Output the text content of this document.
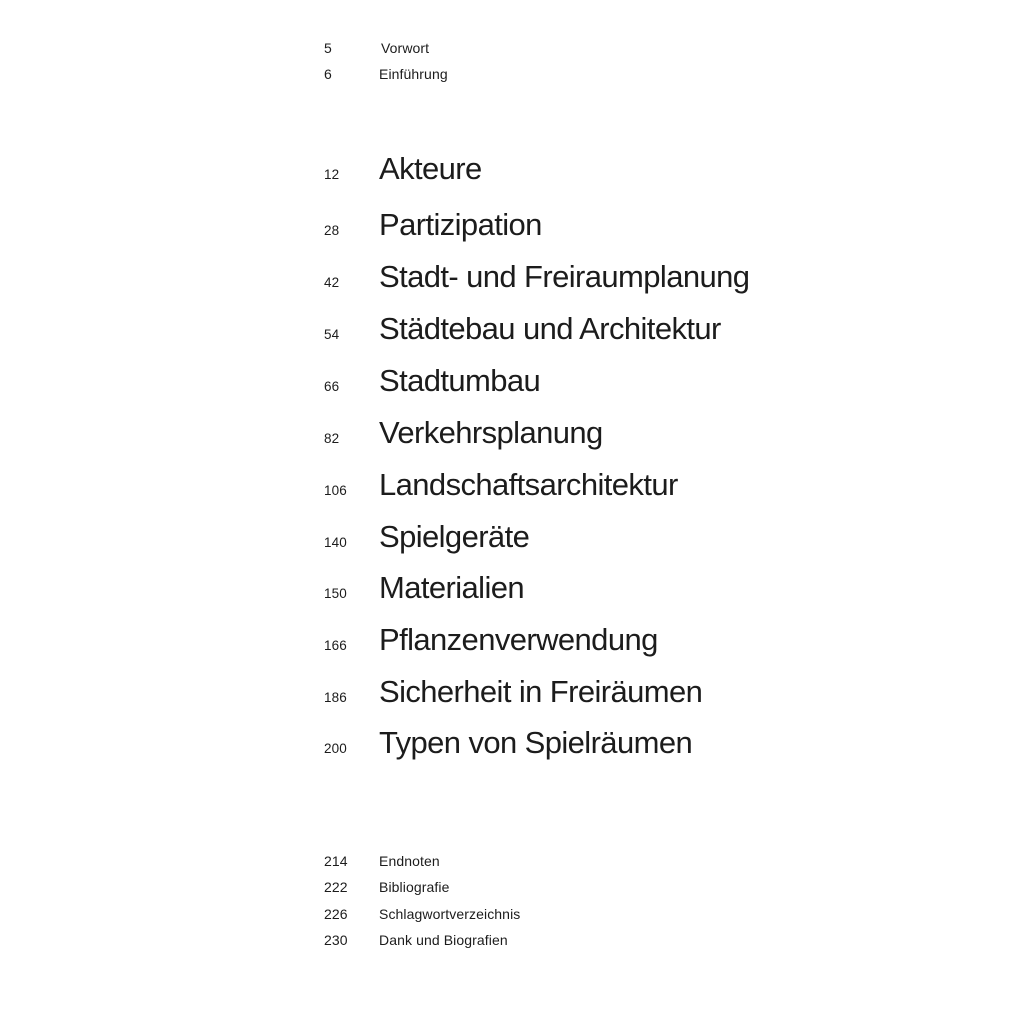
5	Vorwort
6	Einführung
12	Akteure
28	Partizipation
42	Stadt- und Freiraumplanung
54	Städtebau und Architektur
66	Stadtumbau
82	Verkehrsplanung
106	Landschaftsarchitektur
140	Spielgeräte
150	Materialien
166	Pflanzenverwendung
186	Sicherheit in Freiräumen
200	Typen von Spielräumen
214	Endnoten
222	Bibliografie
226	Schlagwortverzeichnis
230	Dank und Biografien
